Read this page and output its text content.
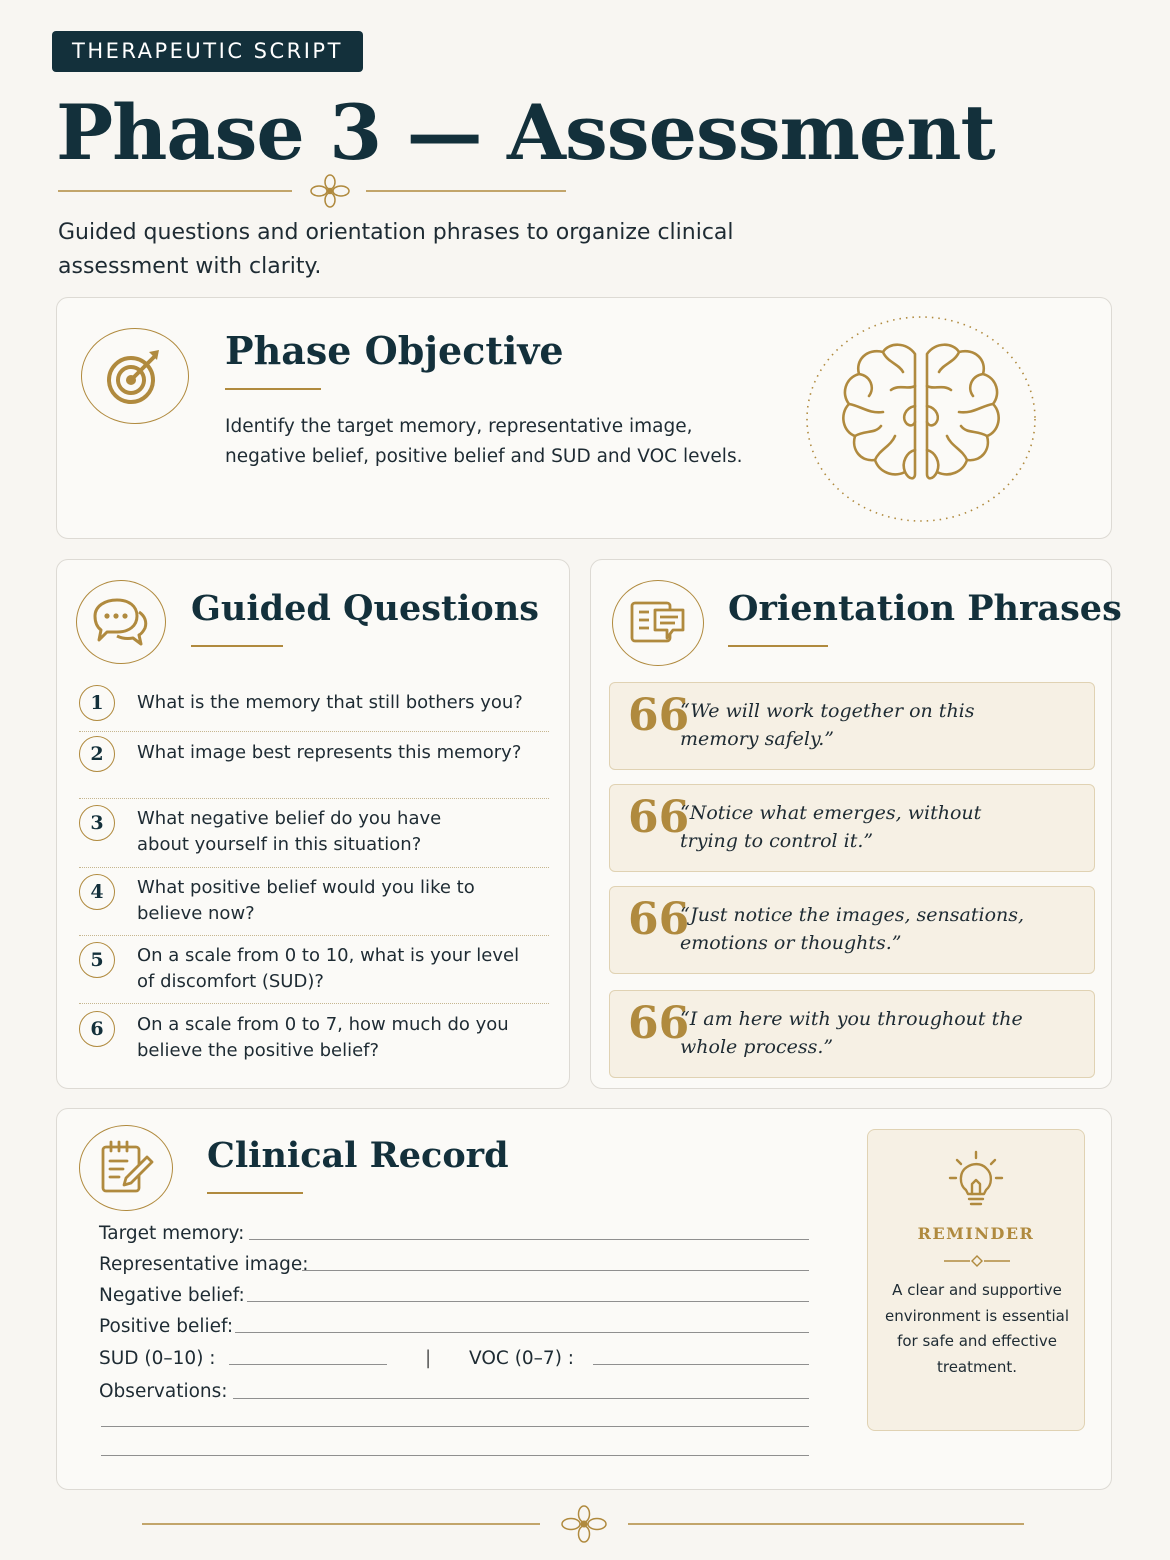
THERAPEUTIC SCRIPT
Phase 3 — Assessment
Guided questions and orientation phrases to organize clinical assessment with clarity.
Phase Objective
Identify the target memory, representative image, negative belief, positive belief and SUD and VOC levels.
Guided Questions
1	What is the memory that still bothers you?
2	What image best represents this memory?
3	What negative belief do you have about yourself in this situation?
4	What positive belief would you like to believe now?
5	On a scale from 0 to 10, what is your level of discomfort (SUD)?
6	On a scale from 0 to 7, how much do you believe the positive belief?
Orientation Phrases
66
“We will work together on this memory safely.”
66
“Notice what emerges, without trying to control it.”
66
“Just notice the images, sensations, emotions or thoughts.”
66
“I am here with you throughout the whole process.”
Clinical Record
Target memory:
Representative image:
Negative belief:
Positive belief:
SUD (0–10) :	| VOC (0–7) :
Observations:
REMINDER
A clear and supportive environment is essential for safe and effective treatment.
